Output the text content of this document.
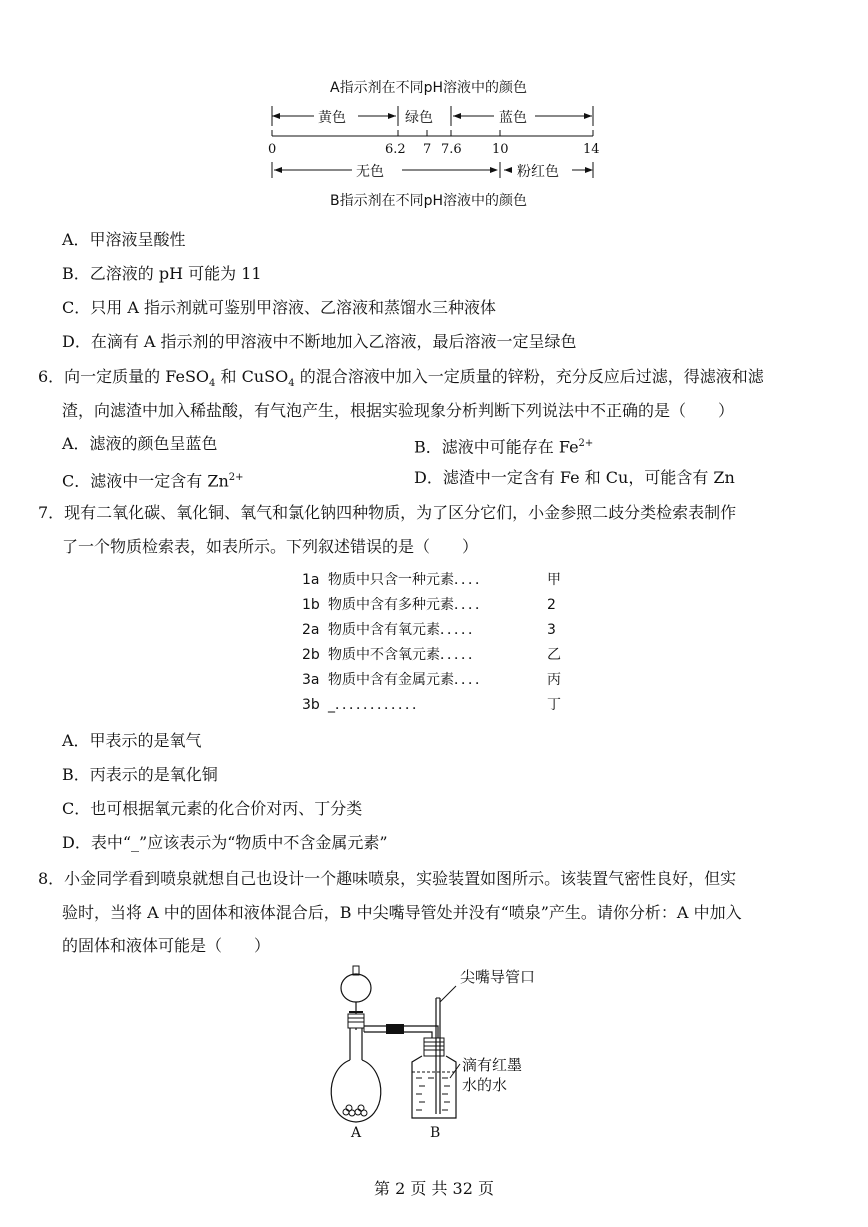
A指示剂在不同pH溶液中的颜色
黄色	绿色	蓝色
0	6.2 7 7.6 10	14
无色	粉红色
B指示剂在不同pH溶液中的颜色
A．甲溶液呈酸性
B．乙溶液的 pH 可能为 11
C．只用 A 指示剂就可鉴别甲溶液、乙溶液和蒸馏水三种液体
D．在滴有 A 指示剂的甲溶液中不断地加入乙溶液，最后溶液一定呈绿色
6．向一定质量的 FeSO$_4$ 和 CuSO$_4$ 的混合溶液中加入一定质量的锌粉，充分反应后过滤，得滤液和滤
渣，向滤渣中加入稀盐酸，有气泡产生，根据实验现象分析判断下列说法中不正确的是（　　）
A．滤液的颜色呈蓝色	B．滤液中可能存在 $Fe^{2+}$
C．滤液中一定含有 $Zn^{2+}$	D．滤渣中一定含有 Fe 和 Cu，可能含有 Zn
7．现有二氧化碳、氧化铜、氧气和氯化钠四种物质，为了区分它们，小金参照二歧分类检索表制作
了一个物质检索表，如表所示。下列叙述错误的是（　　）
1a 物质中只含一种元素．．．．	甲
1b 物质中含有多种元素．．．．	2
2a 物质中含有氧元素．．．．．	3
2b 物质中不含氧元素．．．．．	乙
3a 物质中含有金属元素．．．．	丙
3b _．．．．．．．．．．．．	丁
A．甲表示的是氧气
B．丙表示的是氧化铜
C．也可根据氧元素的化合价对丙、丁分类
D．表中“_”应该表示为“物质中不含金属元素”
8．小金同学看到喷泉就想自己也设计一个趣味喷泉，实验装置如图所示。该装置气密性良好，但实
验时，当将 A 中的固体和液体混合后，B 中尖嘴导管处并没有“喷泉”产生。请你分析：A 中加入
的固体和液体可能是（　　）
尖嘴导管口
滴有红墨
水的水
A	B
第 2 页 共 32 页
